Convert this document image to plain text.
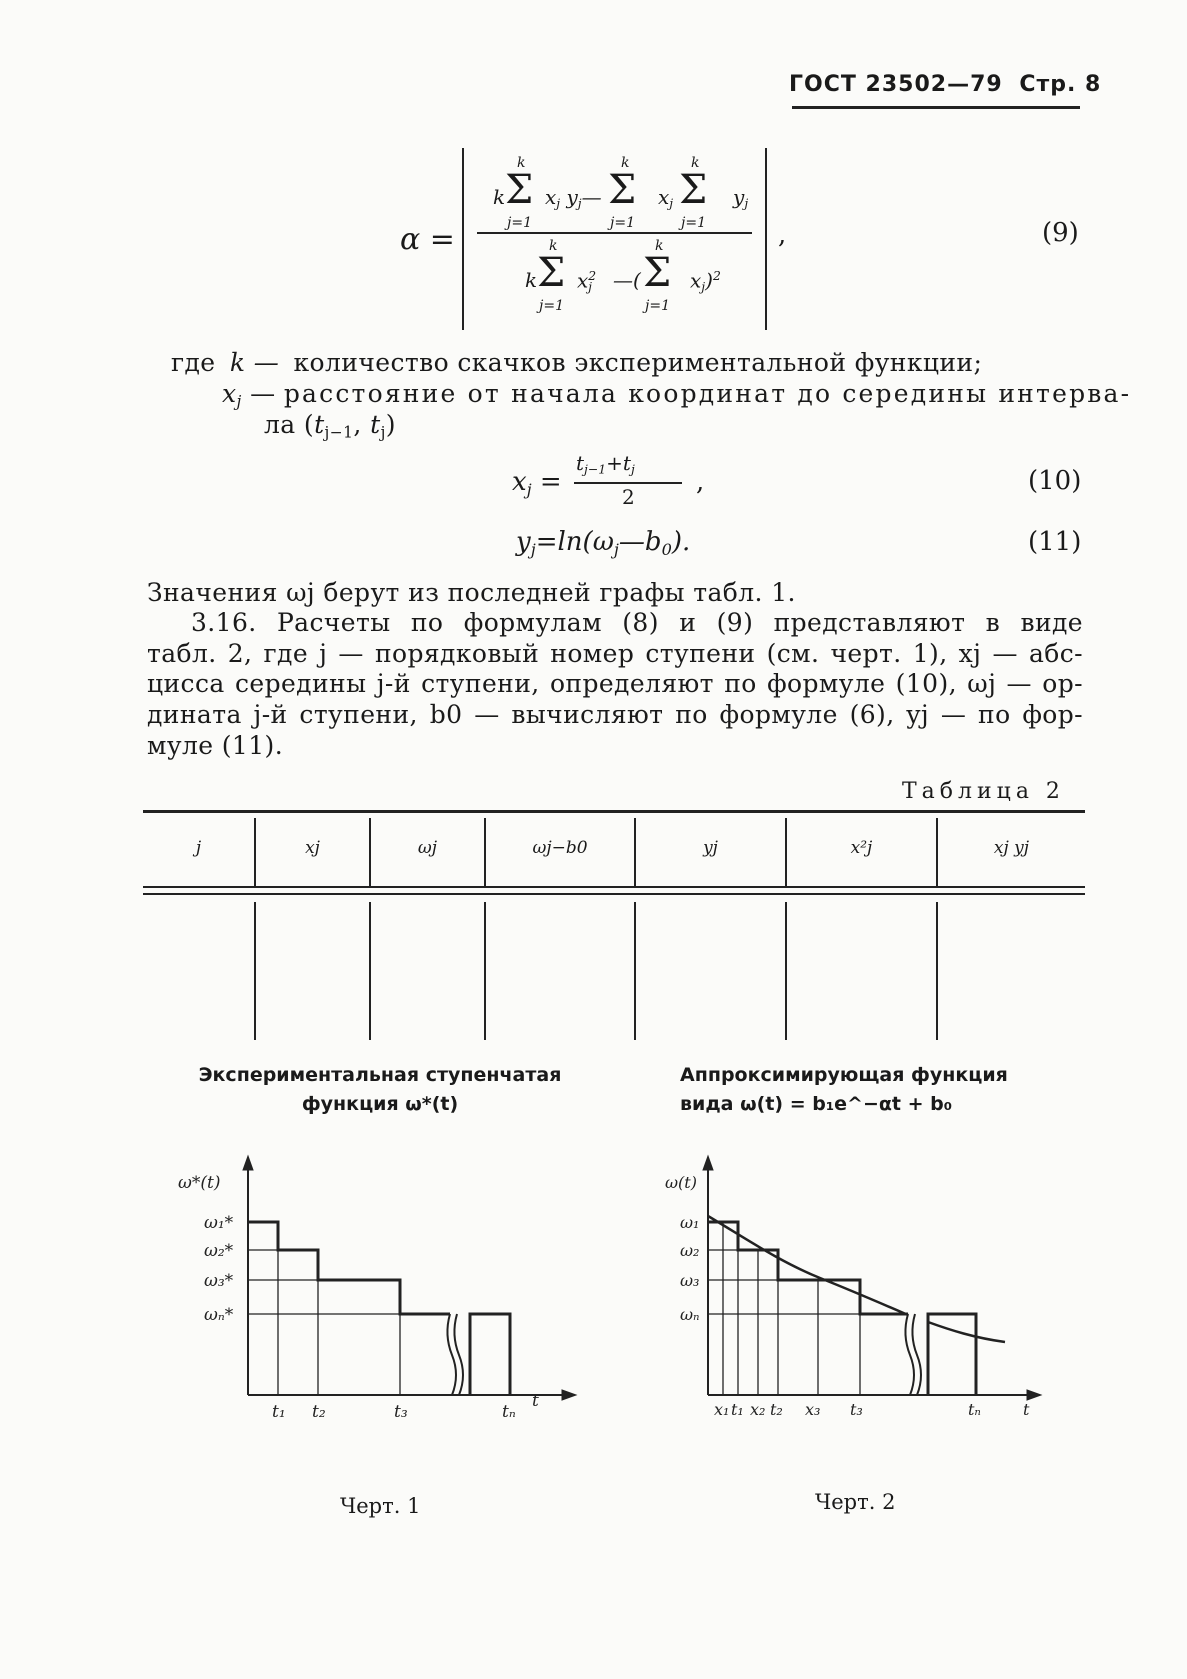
ГОСТ 23502—79 Стр. 8
α =
k
k
Σ
j=1
$x_j$ $y_j—$
k
Σ
j=1
$x_j$
k
Σ
j=1
$y_j$
k
k
Σ
j=1
$x^2_j$ —(
k
Σ
j=1
$x_j)^2$
,	(9)
где k — количество скачков экспериментальной функции;
$x_j$ — расстояние от начала координат до середины интерва-
ла ($t_{j-1}$, $t_j$)
$x_j$ =
$t_{j-1}+t_j$
2 ,	(10)
$y_j=\ln(\omega_j—b_0)$.	(11)
Значения ωj берут из последней графы табл. 1.
3.16. Расчеты по формулам (8) и (9) представляют в виде
табл. 2, где j — порядковый номер ступени (см. черт. 1), xj — абс-
цисса середины j-й ступени, определяют по формуле (10), ωj — ор-
дината j-й ступени, b0 — вычисляют по формуле (6), yj — по фор-
муле (11).
Таблица 2
j	xj	ωj	ωj−b0	yj	x²j	xj yj
Экспериментальная ступенчатая
функция ω*(t)
Аппроксимирующая функция
вида ω(t) = b₁e^−αt + b₀
ω*(t)
ω₁*
ω₂*
ω₃*
ωₙ*
t₁ t₂	t₃	tₙ
t
ω(t)
ω₁
ω₂
ω₃
ωₙ
x₁ t₁ x₂ t₂ x₃ t₃	tₙ	t
Черт. 1	Черт. 2
